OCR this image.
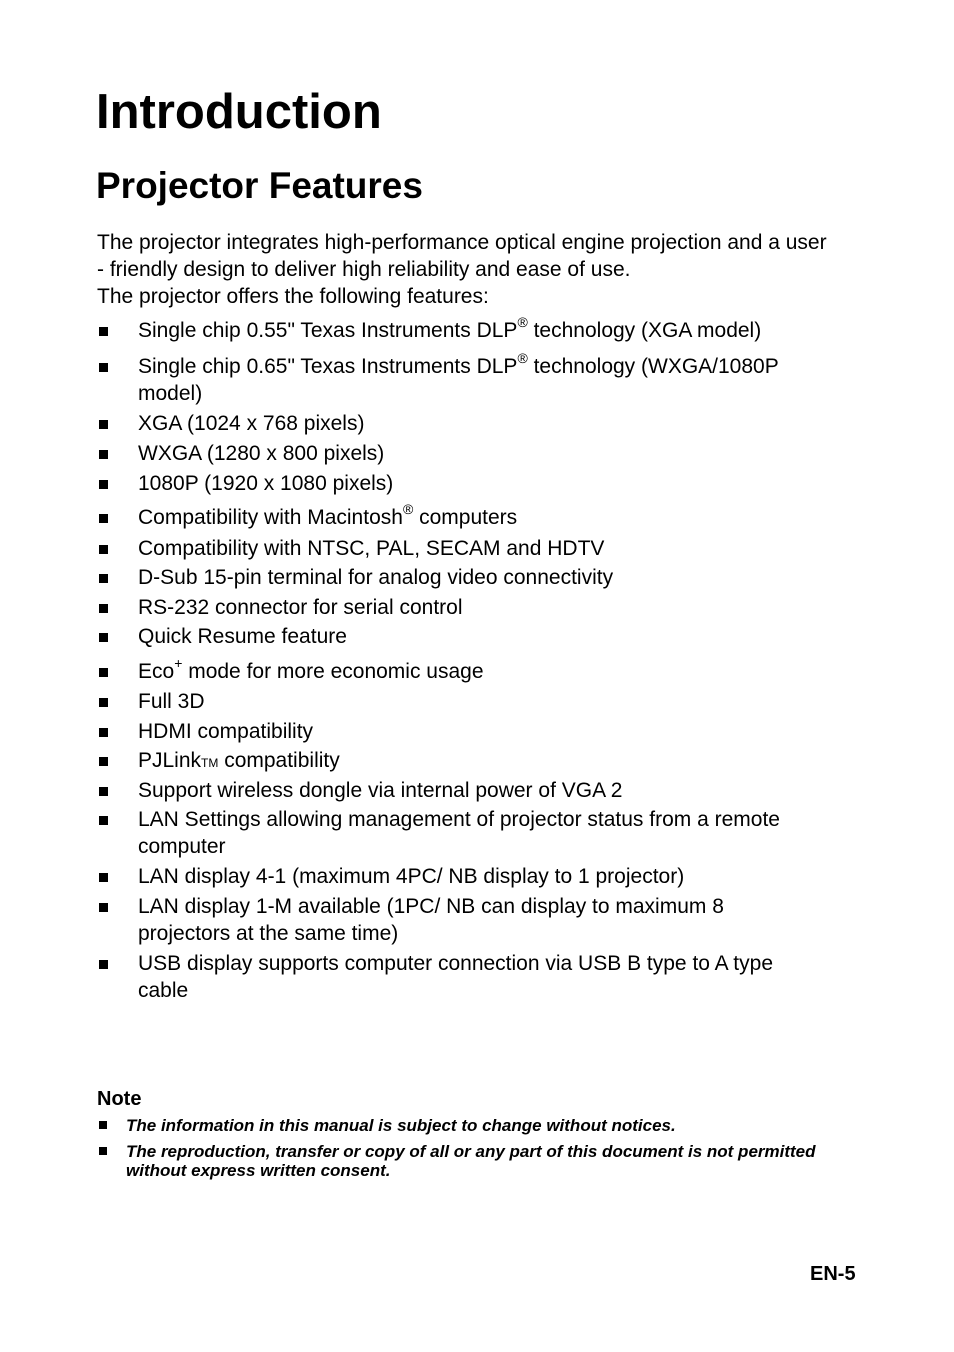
Introduction
Projector Features
The projector integrates high-performance optical engine projection and a user
- friendly design to deliver high reliability and ease of use.
The projector offers the following features:
Single chip 0.55" Texas Instruments DLP® technology (XGA model)
Single chip 0.65" Texas Instruments DLP® technology (WXGA/1080P
model)
XGA (1024 x 768 pixels)
WXGA (1280 x 800 pixels)
1080P (1920 x 1080 pixels)
Compatibility with Macintosh® computers
Compatibility with NTSC, PAL, SECAM and HDTV
D-Sub 15-pin terminal for analog video connectivity
RS-232 connector for serial control
Quick Resume feature
Eco+ mode for more economic usage
Full 3D
HDMI compatibility
PJLinkTM compatibility
Support wireless dongle via internal power of VGA 2
LAN Settings allowing management of projector status from a remote
computer
LAN display 4-1 (maximum 4PC/ NB display to 1 projector)
LAN display 1-M available (1PC/ NB can display to maximum 8
projectors at the same time)
USB display supports computer connection via USB B type to A type
cable
Note
The information in this manual is subject to change without notices.
The reproduction, transfer or copy of all or any part of this document is not permitted
without express written consent.
EN-5
